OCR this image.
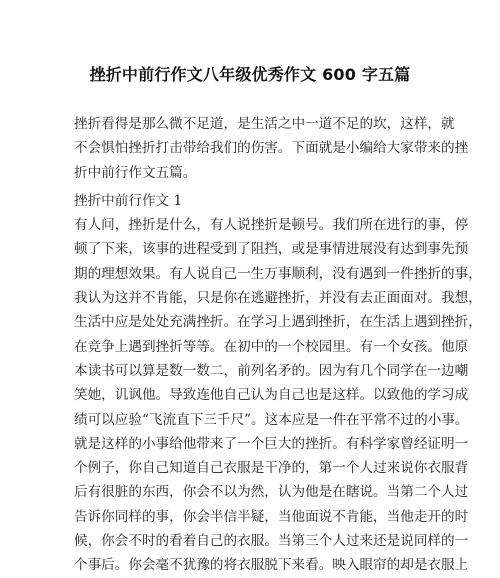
挫折中前行作文八年级优秀作文 600 字五篇
挫折看得是那么微不足道，是生活之中一道不足的坎，这样，就
不会惧怕挫折打击带给我们的伤害。下面就是小编给大家带来的挫
折中前行作文五篇。
挫折中前行作文 1
有人问，挫折是什么，有人说挫折是顿号。我们所在进行的事，停
顿了下来，该事的进程受到了阻挡，或是事情进展没有达到事先预
期的理想效果。有人说自己一生万事顺利，没有遇到一件挫折的事，
我认为这并不肯能，只是你在逃避挫折，并没有去正面面对。我想，
生活中应是处处充满挫折。在学习上遇到挫折，在生活上遇到挫折，
在竞争上遇到挫折等等。在初中的一个校园里。有一个女孩。他原
本读书可以算是数一数二，前列名矛的。因为有几个同学在一边嘲
笑她，讥讽他。导致连他自己认为自己也是这样。以致他的学习成
绩可以应验“飞流直下三千尺”。这本应是一件在平常不过的小事。
就是这样的小事给他带来了一个巨大的挫折。有科学家曾经证明一
个例子，你自己知道自己衣服是干净的，第一个人过来说你衣服背
后有很脏的东西，你会不以为然，认为他是在瞎说。当第二个人过
告诉你同样的事，你会半信半疑，当他面说不肯能，当他走开的时
候，你会不时的看着自己的衣服。当第三个人过来还是说同样的一
个事后。你会毫不犹豫的将衣服脱下来看。映入眼帘的却是衣服上
